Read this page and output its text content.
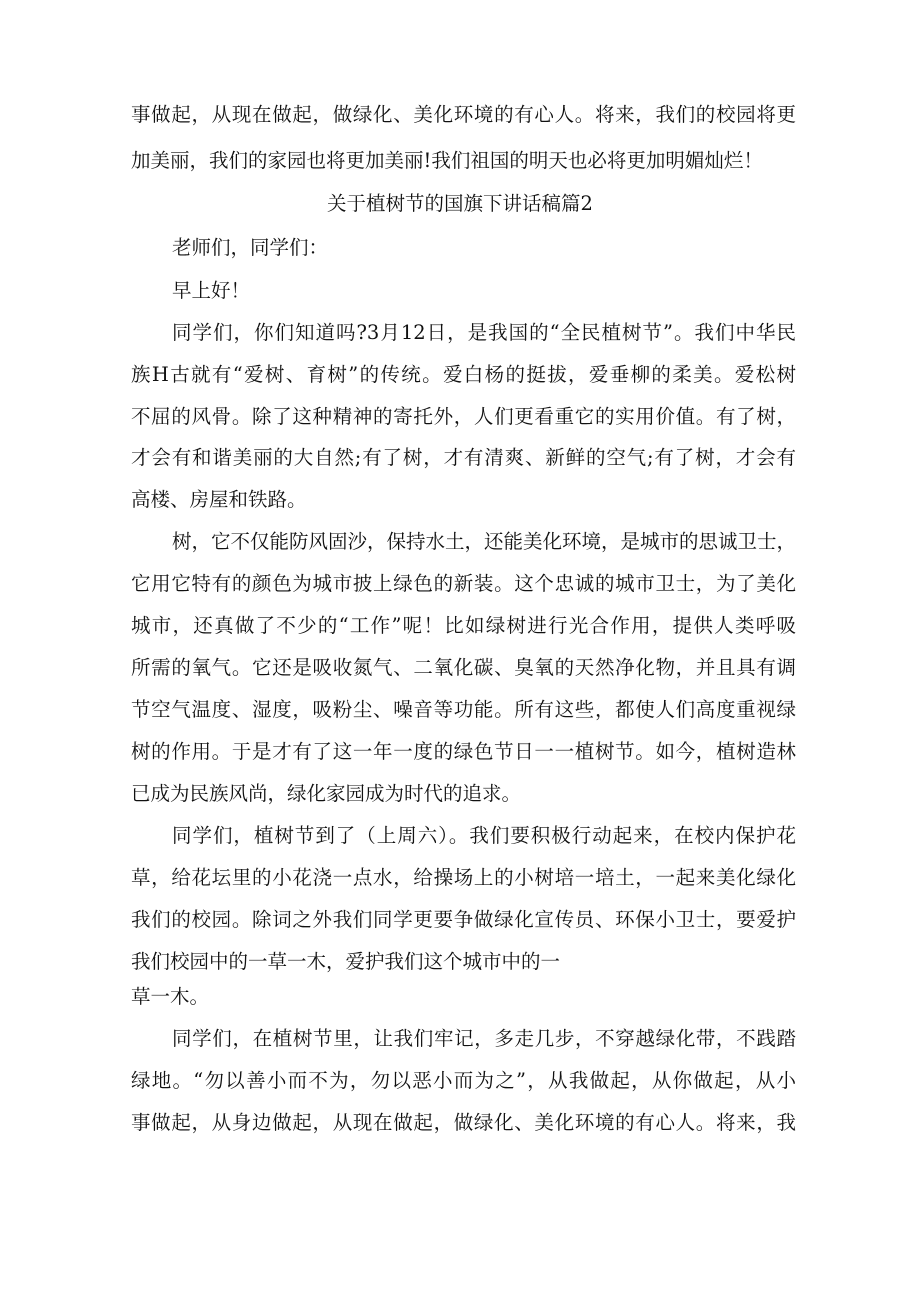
事做起，从现在做起，做绿化、美化环境的有心人。将来，我们的校园将更
加美丽，我们的家园也将更加美丽!我们祖国的明天也必将更加明媚灿烂！
关于植树节的国旗下讲话稿篇2
老师们，同学们：
早上好！
同学们，你们知道吗?3月12日，是我国的“全民植树节”。我们中华民
族H古就有“爱树、育树”的传统。爱白杨的挺拔，爱垂柳的柔美。爱松树
不屈的风骨。除了这种精神的寄托外，人们更看重它的实用价值。有了树，
才会有和谐美丽的大自然;有了树，才有清爽、新鲜的空气;有了树，才会有
高楼、房屋和铁路。
树，它不仅能防风固沙，保持水土，还能美化环境，是城市的思诚卫士，
它用它特有的颜色为城市披上绿色的新装。这个忠诚的城市卫士，为了美化
城市，还真做了不少的“工作”呢！比如绿树进行光合作用，提供人类呼吸
所需的氧气。它还是吸收氮气、二氧化碳、臭氧的天然净化物，并且具有调
节空气温度、湿度，吸粉尘、噪音等功能。所有这些，都使人们高度重视绿
树的作用。于是才有了这一年一度的绿色节日一一植树节。如今，植树造林
已成为民族风尚，绿化家园成为时代的追求。
同学们，植树节到了（上周六）。我们要积极行动起来，在校内保护花
草，给花坛里的小花浇一点水，给操场上的小树培一培土，一起来美化绿化
我们的校园。除词之外我们同学更要争做绿化宣传员、环保小卫士，要爱护
我们校园中的一草一木，爱护我们这个城市中的一
草一木。
同学们，在植树节里，让我们牢记，多走几步，不穿越绿化带，不践踏
绿地。“勿以善小而不为，勿以恶小而为之”，从我做起，从你做起，从小
事做起，从身边做起，从现在做起，做绿化、美化环境的有心人。将来，我
